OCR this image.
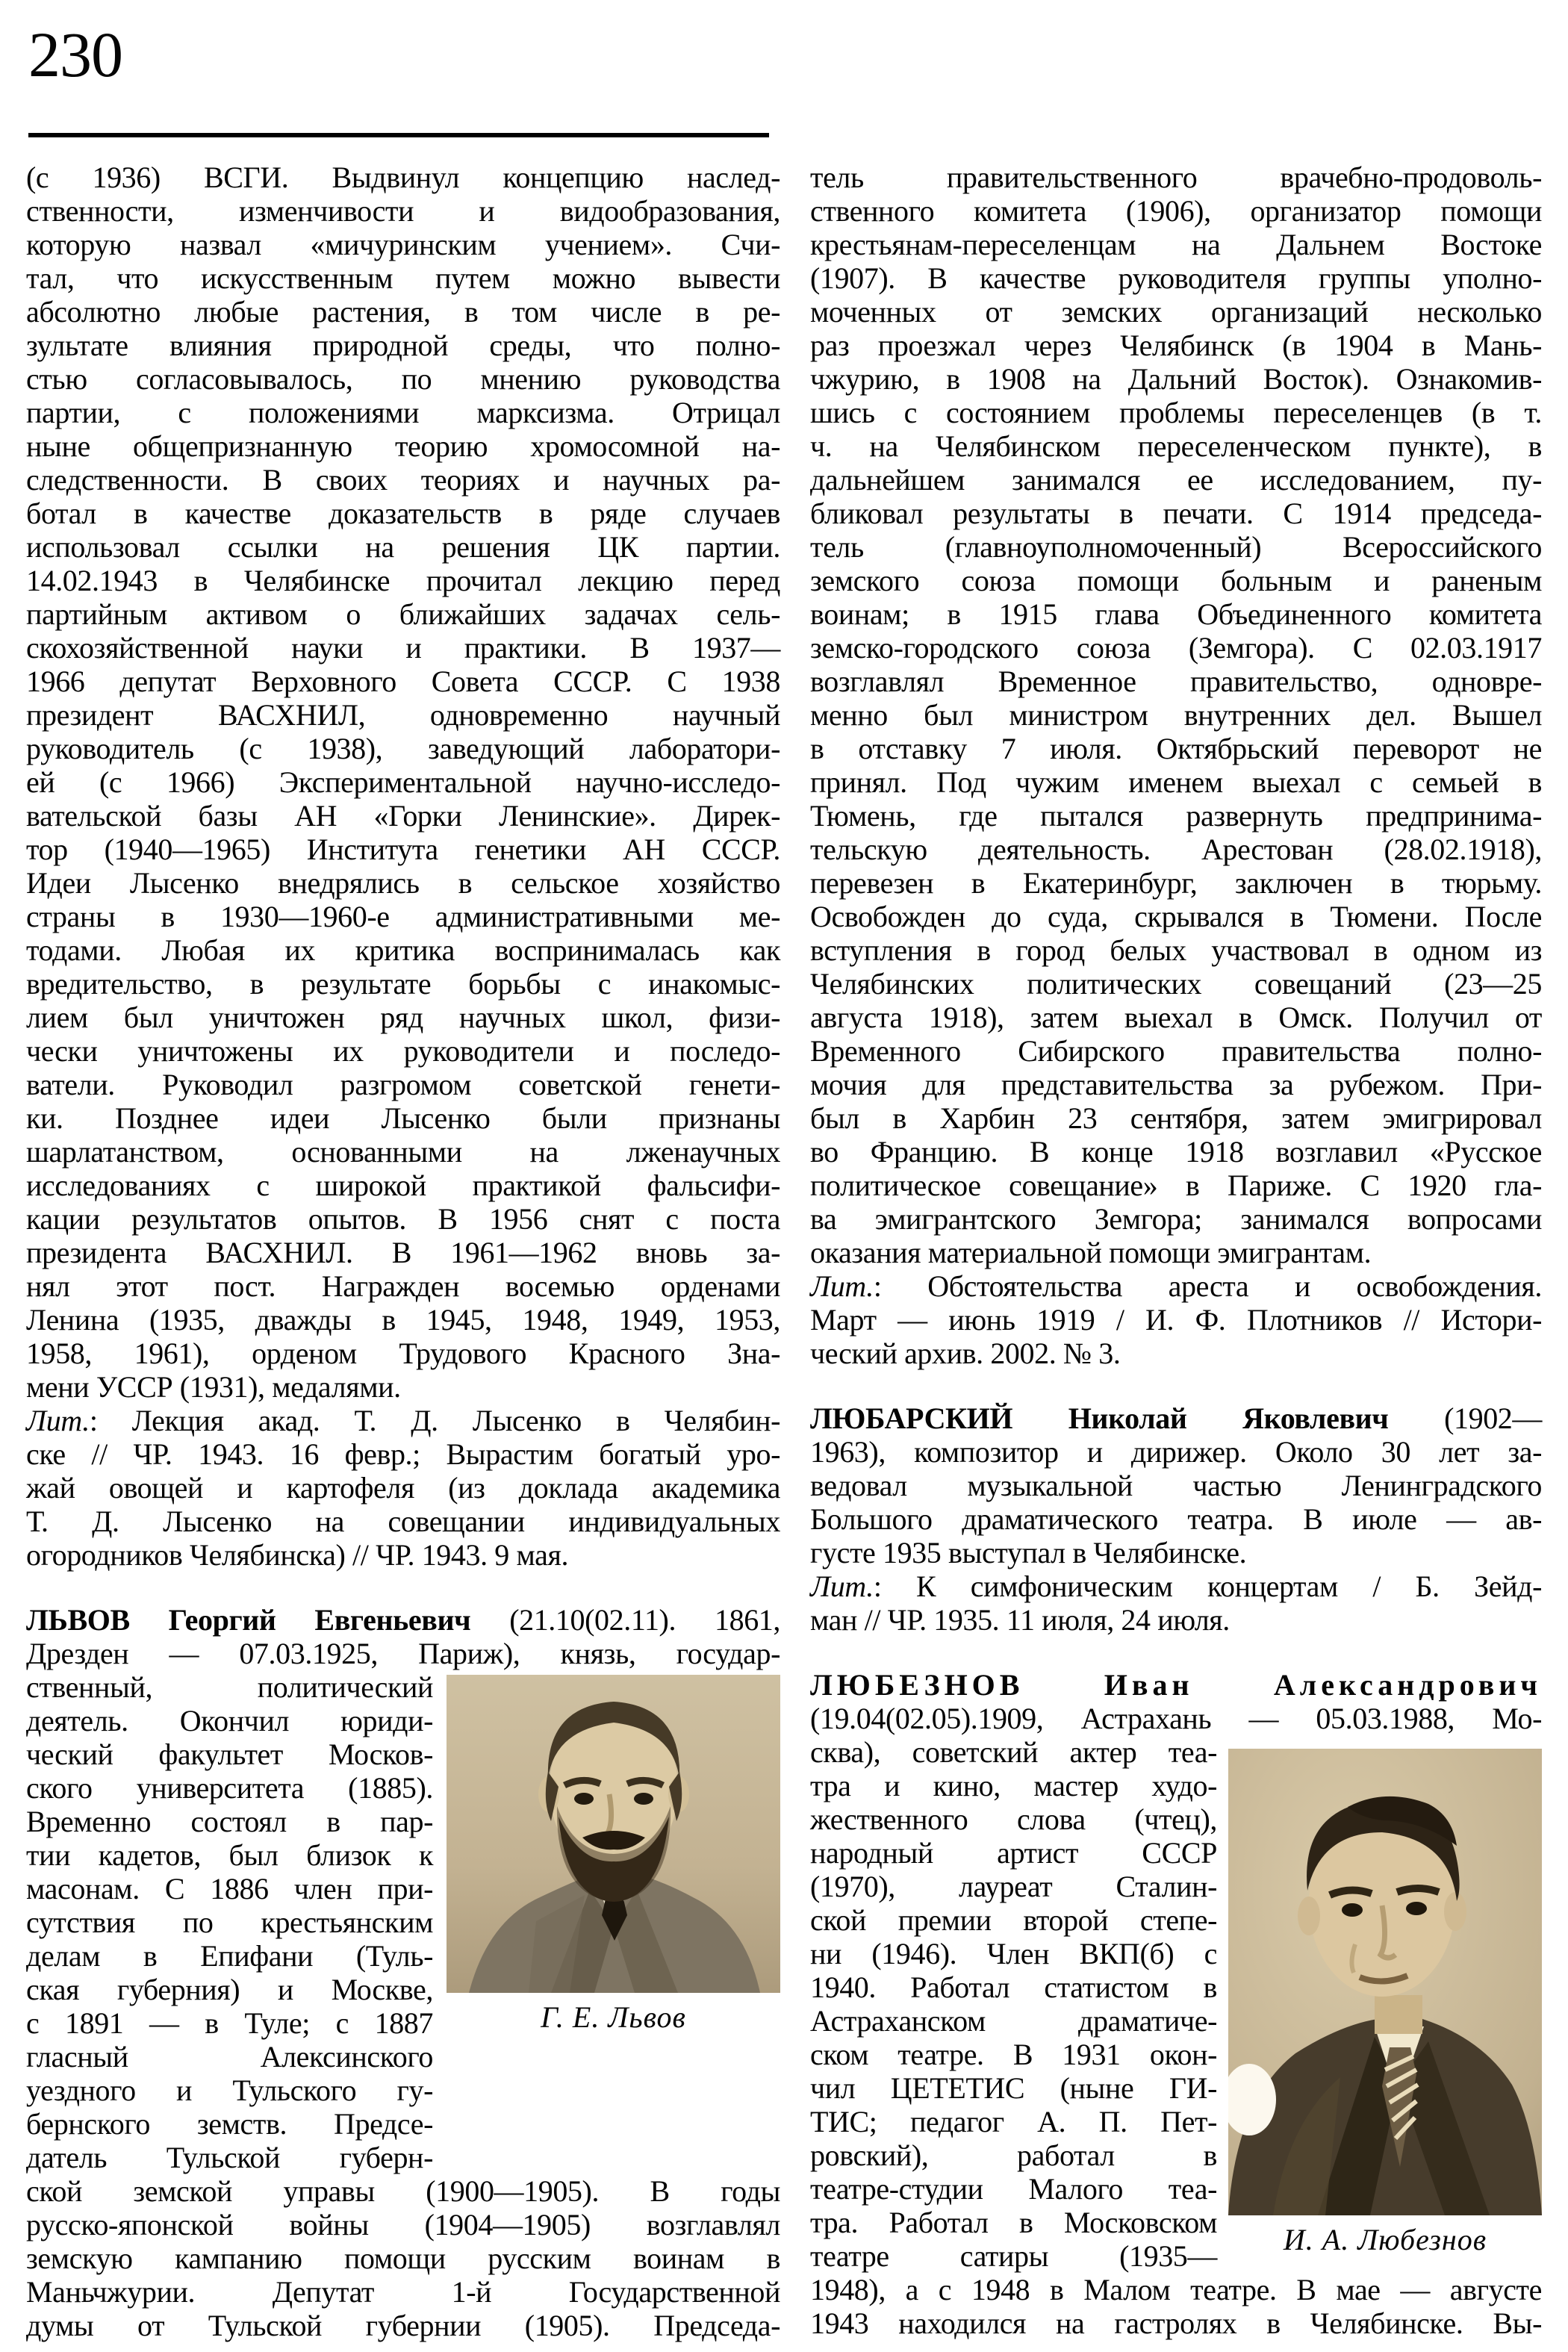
230
(с 1936) ВСГИ. Выдвинул концепцию наслед-
ственности, изменчивости и видообразования,
которую назвал «мичуринским учением». Счи-
тал, что искусственным путем можно вывести
абсолютно любые растения, в том числе в ре-
зультате влияния природной среды, что полно-
стью согласовывалось, по мнению руководства
партии, с положениями марксизма. Отрицал
ныне общепризнанную теорию хромосомной на-
следственности. В своих теориях и научных ра-
ботал в качестве доказательств в ряде случаев
использовал ссылки на решения ЦК партии.
14.02.1943 в Челябинске прочитал лекцию перед
партийным активом о ближайших задачах сель-
скохозяйственной науки и практики. В 1937—
1966 депутат Верховного Совета СССР. С 1938
президент ВАСХНИЛ, одновременно научный
руководитель (с 1938), заведующий лаборатори-
ей (с 1966) Экспериментальной научно-исследо-
вательской базы АН «Горки Ленинские». Дирек-
тор (1940—1965) Института генетики АН СССР.
Идеи Лысенко внедрялись в сельское хозяйство
страны в 1930—1960-е административными ме-
тодами. Любая их критика воспринималась как
вредительство, в результате борьбы с инакомыс-
лием был уничтожен ряд научных школ, физи-
чески уничтожены их руководители и последо-
ватели. Руководил разгромом советской генети-
ки. Позднее идеи Лысенко были признаны
шарлатанством, основанными на лженаучных
исследованиях с широкой практикой фальсифи-
кации результатов опытов. В 1956 снят с поста
президента ВАСХНИЛ. В 1961—1962 вновь за-
нял этот пост. Награжден восемью орденами
Ленина (1935, дважды в 1945, 1948, 1949, 1953,
1958, 1961), орденом Трудового Красного Зна-
мени УССР (1931), медалями.
Лит.: Лекция акад. Т. Д. Лысенко в Челябин-
ске // ЧР. 1943. 16 февр.; Вырастим богатый уро-
жай овощей и картофеля (из доклада академика
Т. Д. Лысенко на совещании индивидуальных
огородников Челябинска) // ЧР. 1943. 9 мая.
ЛЬВОВ Георгий Евгеньевич (21.10(02.11). 1861,
Дрезден — 07.03.1925, Париж), князь, государ-
Г. Е. Львов
ственный, политический
деятель. Окончил юриди-
ческий факультет Москов-
ского университета (1885).
Временно состоял в пар-
тии кадетов, был близок к
масонам. С 1886 член при-
сутствия по крестьянским
делам в Епифани (Туль-
ская губерния) и Москве,
с 1891 — в Туле; с 1887
гласный Алексинского
уездного и Тульского гу-
бернского земств. Предсе-
датель Тульской губерн-
ской земской управы (1900—1905). В годы
русско-японской войны (1904—1905) возглавлял
земскую кампанию помощи русским воинам в
Маньчжурии. Депутат 1-й Государственной
думы от Тульской губернии (1905). Председа-
тель правительственного врачебно-продоволь-
ственного комитета (1906), организатор помощи
крестьянам-переселенцам на Дальнем Востоке
(1907). В качестве руководителя группы уполно-
моченных от земских организаций несколько
раз проезжал через Челябинск (в 1904 в Мань-
чжурию, в 1908 на Дальний Восток). Ознакомив-
шись с состоянием проблемы переселенцев (в т.
ч. на Челябинском переселенческом пункте), в
дальнейшем занимался ее исследованием, пу-
бликовал результаты в печати. С 1914 председа-
тель (главноуполномоченный) Всероссийского
земского союза помощи больным и раненым
воинам; в 1915 глава Объединенного комитета
земско-городского союза (Земгора). С 02.03.1917
возглавлял Временное правительство, одновре-
менно был министром внутренних дел. Вышел
в отставку 7 июля. Октябрьский переворот не
принял. Под чужим именем выехал с семьей в
Тюмень, где пытался развернуть предпринима-
тельскую деятельность. Арестован (28.02.1918),
перевезен в Екатеринбург, заключен в тюрьму.
Освобожден до суда, скрывался в Тюмени. После
вступления в город белых участвовал в одном из
Челябинских политических совещаний (23—25
августа 1918), затем выехал в Омск. Получил от
Временного Сибирского правительства полно-
мочия для представительства за рубежом. При-
был в Харбин 23 сентября, затем эмигрировал
во Францию. В конце 1918 возглавил «Русское
политическое совещание» в Париже. С 1920 гла-
ва эмигрантского Земгора; занимался вопросами
оказания материальной помощи эмигрантам.
Лит.: Обстоятельства ареста и освобождения.
Март — июнь 1919 / И. Ф. Плотников // Истори-
ческий архив. 2002. № 3.
ЛЮБАРСКИЙ Николай Яковлевич (1902—
1963), композитор и дирижер. Около 30 лет за-
ведовал музыкальной частью Ленинградского
Большого драматического театра. В июле — ав-
густе 1935 выступал в Челябинске.
Лит.: К симфоническим концертам / Б. Зейд-
ман // ЧР. 1935. 11 июля, 24 июля.
ЛЮБЕЗНОВ Иван Александрович
(19.04(02.05).1909, Астрахань — 05.03.1988, Мо-
И. А. Любезнов
сква), советский актер теа-
тра и кино, мастер худо-
жественного слова (чтец),
народный артист СССР
(1970), лауреат Сталин-
ской премии второй степе-
ни (1946). Член ВКП(б) с
1940. Работал статистом в
Астраханском драматиче-
ском театре. В 1931 окон-
чил ЦЕТЕТИС (ныне ГИ-
ТИС; педагог А. П. Пет-
ровский), работал в
театре-студии Малого теа-
тра. Работал в Московском
театре сатиры (1935—
1948), а с 1948 в Малом театре. В мае — августе
1943 находился на гастролях в Челябинске. Вы-
